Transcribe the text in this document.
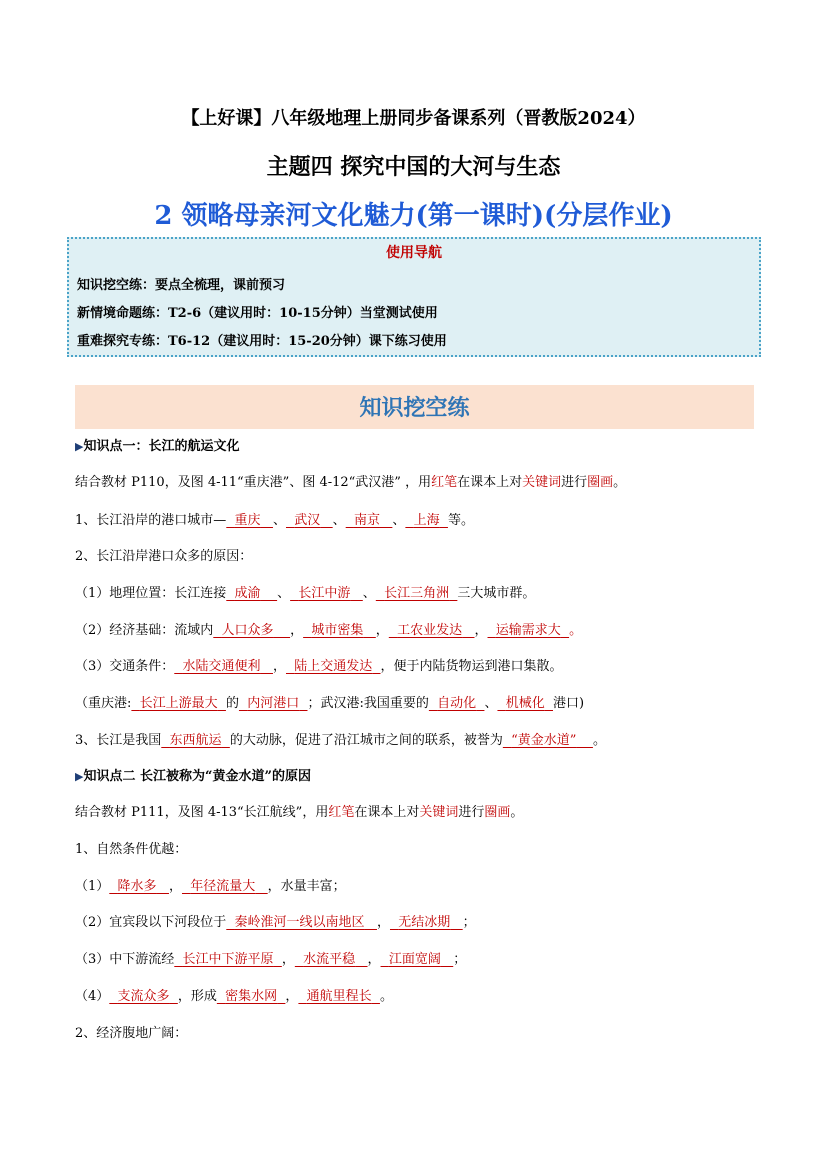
【上好课】八年级地理上册同步备课系列（晋教版2024）
主题四 探究中国的大河与生态
2 领略母亲河文化魅力(第一课时)(分层作业)
使用导航
知识挖空练：要点全梳理，课前预习
新情境命题练：T2-6（建议用时：10-15分钟）当堂测试使用
重难探究专练：T6-12（建议用时：15-20分钟）课下练习使用
知识挖空练
▶知识点一：长江的航运文化
结合教材 P110，及图 4-11“重庆港”、图 4-12“武汉港” ，用红笔在课本上对关键词进行圈画。
1、长江沿岸的港口城市— 重庆 、 武汉 、 南京 、 上海 等。
2、长江沿岸港口众多的原因：
（1）地理位置：长江连接 成渝 、 长江中游 、 长江三角洲 三大城市群。
（2）经济基础：流域内 人口众多 ， 城市密集 ， 工农业发达 ， 运输需求大 。
（3）交通条件： 水陆交通便利 ， 陆上交通发达 ，便于内陆货物运到港口集散。
（重庆港: 长江上游最大 的 内河港口 ；武汉港:我国重要的 自动化 、 机械化 港口)
3、长江是我国 东西航运 的大动脉，促进了沿江城市之间的联系，被誉为 “黄金水道” 。
▶知识点二 长江被称为“黄金水道”的原因
结合教材 P111，及图 4-13“长江航线”，用红笔在课本上对关键词进行圈画。
1、自然条件优越：
（1） 降水多 ， 年径流量大 ，水量丰富；
（2）宜宾段以下河段位于 秦岭淮河一线以南地区 ， 无结冰期 ；
（3）中下游流经 长江中下游平原 ， 水流平稳 ， 江面宽阔 ；
（4） 支流众多 ，形成 密集水网 ， 通航里程长 。
2、经济腹地广阔：
